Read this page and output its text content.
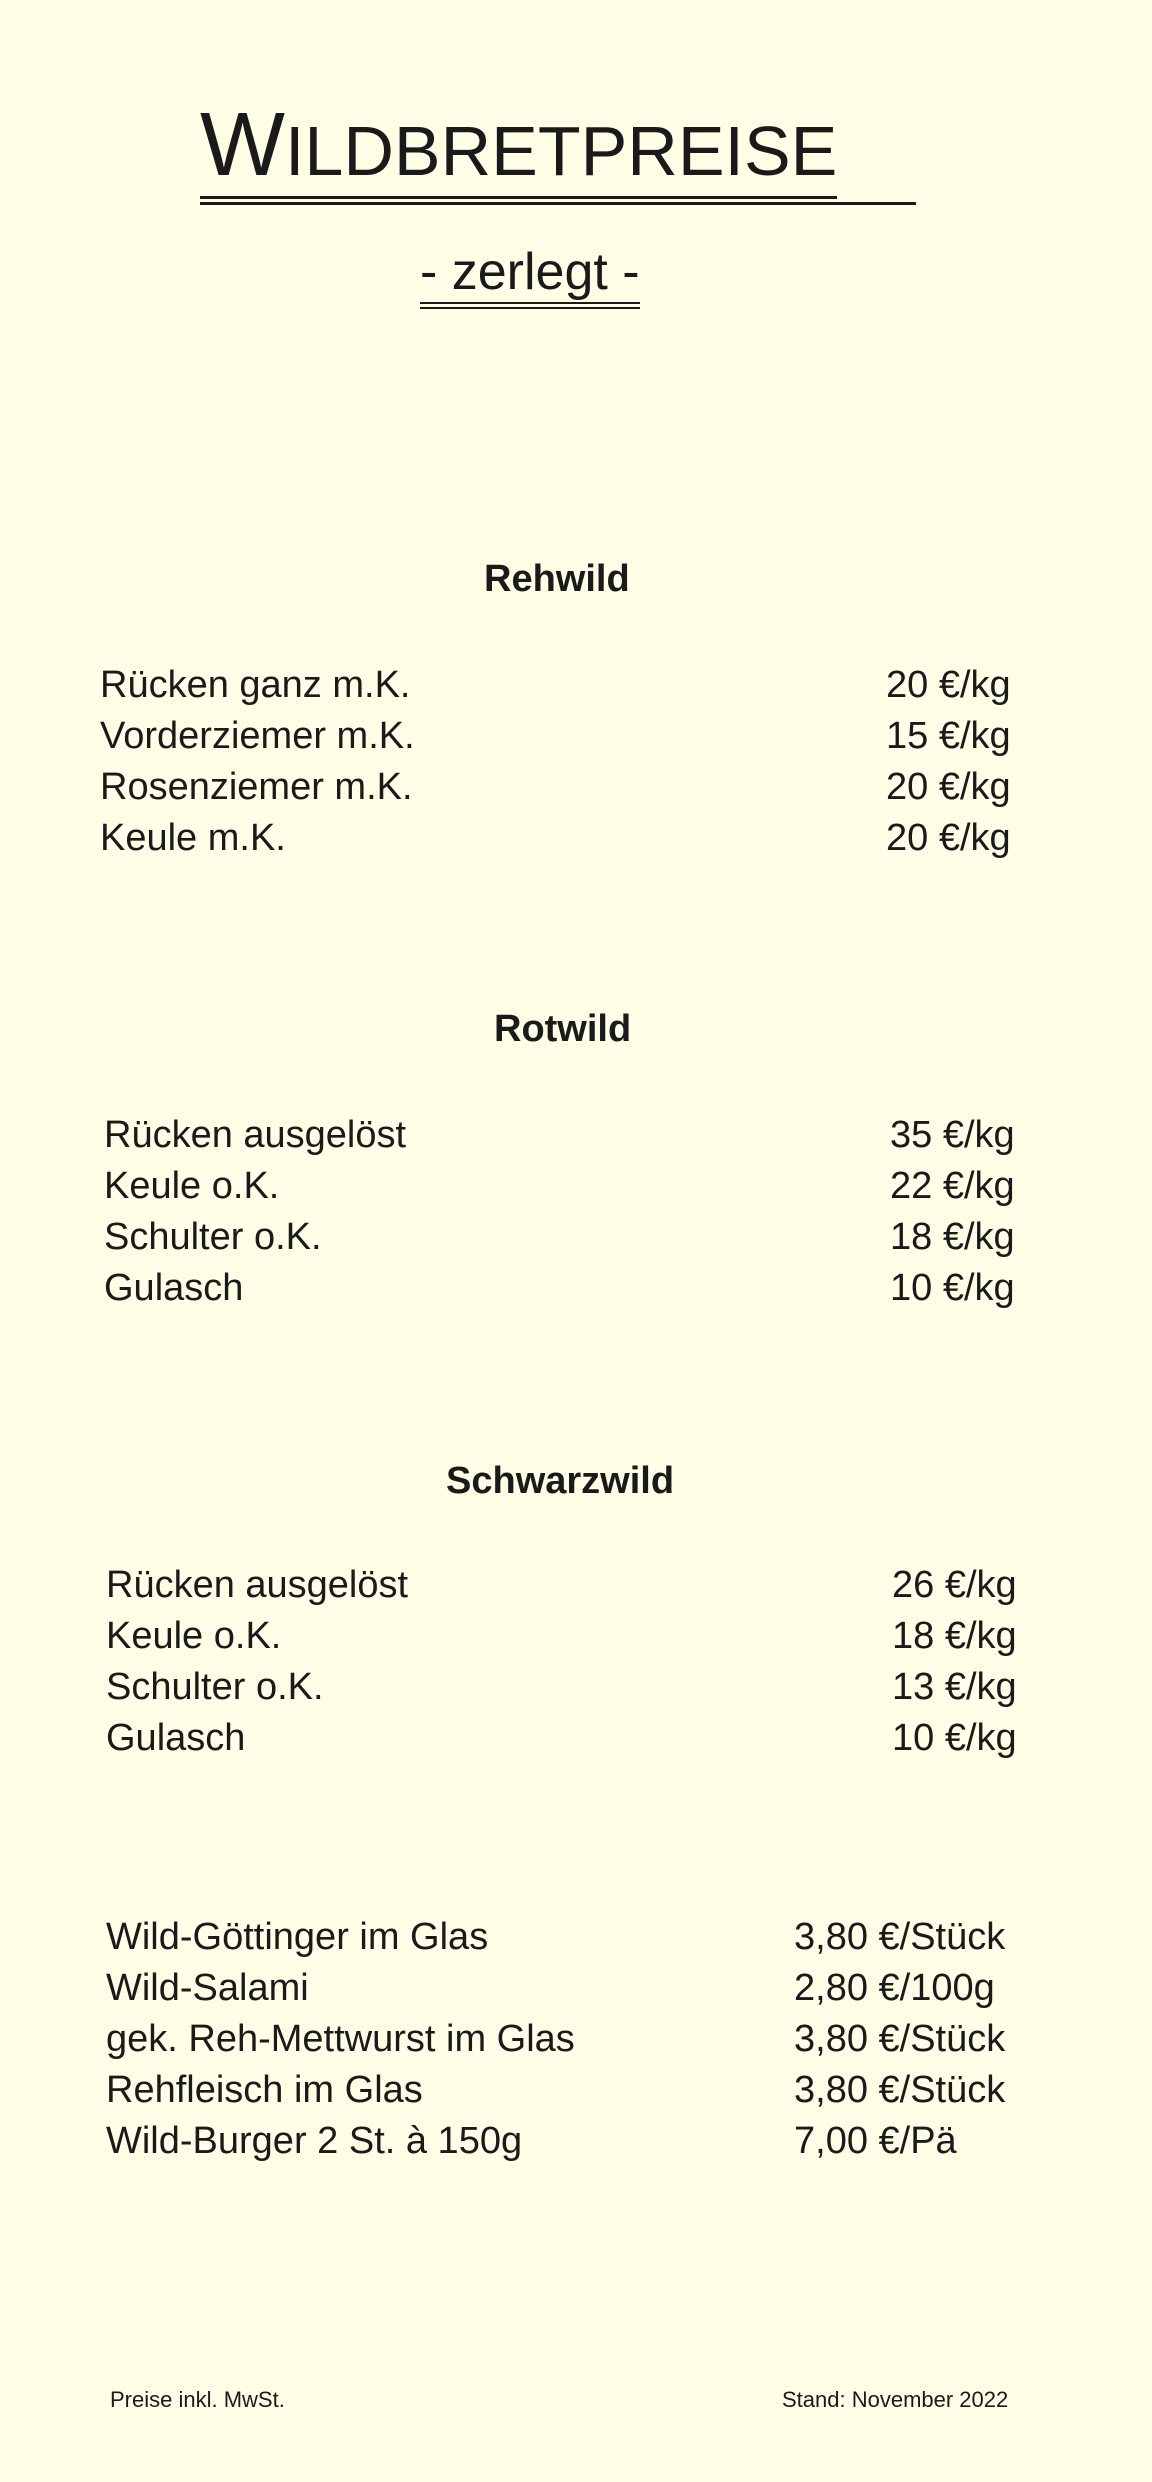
WILDBRETPREISE
- zerlegt -
Rehwild
Rücken ganz m.K.	20 €/kg
Vorderziemer m.K.	15 €/kg
Rosenziemer m.K.	20 €/kg
Keule m.K.	20 €/kg
Rotwild
Rücken ausgelöst	35 €/kg
Keule o.K.	22 €/kg
Schulter o.K.	18 €/kg
Gulasch	10 €/kg
Schwarzwild
Rücken ausgelöst	26 €/kg
Keule o.K.	18 €/kg
Schulter o.K.	13 €/kg
Gulasch	10 €/kg
Wild-Göttinger im Glas	3,80 €/Stück
Wild-Salami	2,80 €/100g
gek. Reh-Mettwurst im Glas	3,80 €/Stück
Rehfleisch im Glas	3,80 €/Stück
Wild-Burger 2 St. à 150g	7,00 €/Pä
Preise inkl. MwSt.	Stand: November 2022
